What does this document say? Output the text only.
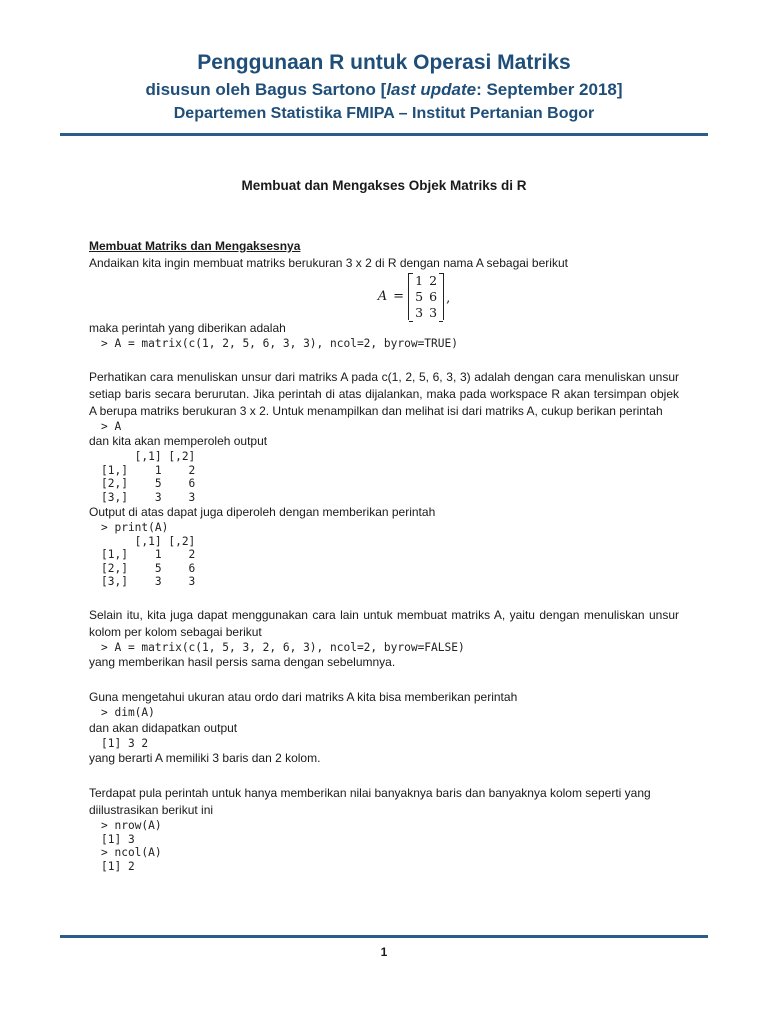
Penggunaan R untuk Operasi Matriks
disusun oleh Bagus Sartono [last update: September 2018]
Departemen Statistika FMIPA – Institut Pertanian Bogor
Membuat dan Mengakses Objek Matriks di R

Membuat Matriks dan Mengaksesnya

Andaikan kita ingin membuat matriks berukuran 3 x 2 di R dengan nama A sebagai berikut

A =
1 2
5 6
3 3
,

maka perintah yang diberikan adalah

> A = matrix(c(1, 2, 5, 6, 3, 3), ncol=2, byrow=TRUE)

Perhatikan cara menuliskan unsur dari matriks A pada c(1, 2, 5, 6, 3, 3) adalah dengan cara menuliskan unsur setiap baris secara berurutan. Jika perintah di atas dijalankan, maka pada workspace R akan tersimpan objek A berupa matriks berukuran 3 x 2. Untuk menampilkan dan melihat isi dari matriks A, cukup berikan perintah

> A

dan kita akan memperoleh output

[,1] [,2]
[1,]    1    2
[2,]    5    6
[3,]    3    3

Output di atas dapat juga diperoleh dengan memberikan perintah

> print(A)
[,1] [,2]
[1,]    1    2
[2,]    5    6
[3,]    3    3

Selain itu, kita juga dapat menggunakan cara lain untuk membuat matriks A, yaitu dengan menuliskan unsur kolom per kolom sebagai berikut

> A = matrix(c(1, 5, 3, 2, 6, 3), ncol=2, byrow=FALSE)

yang memberikan hasil persis sama dengan sebelumnya.

Guna mengetahui ukuran atau ordo dari matriks A kita bisa memberikan perintah

> dim(A)

dan akan didapatkan output

[1] 3 2

yang berarti A memiliki 3 baris dan 2 kolom.

Terdapat pula perintah untuk hanya memberikan nilai banyaknya baris dan banyaknya kolom seperti yang diilustrasikan berikut ini

> nrow(A)
[1] 3
> ncol(A)
[1] 2
1
